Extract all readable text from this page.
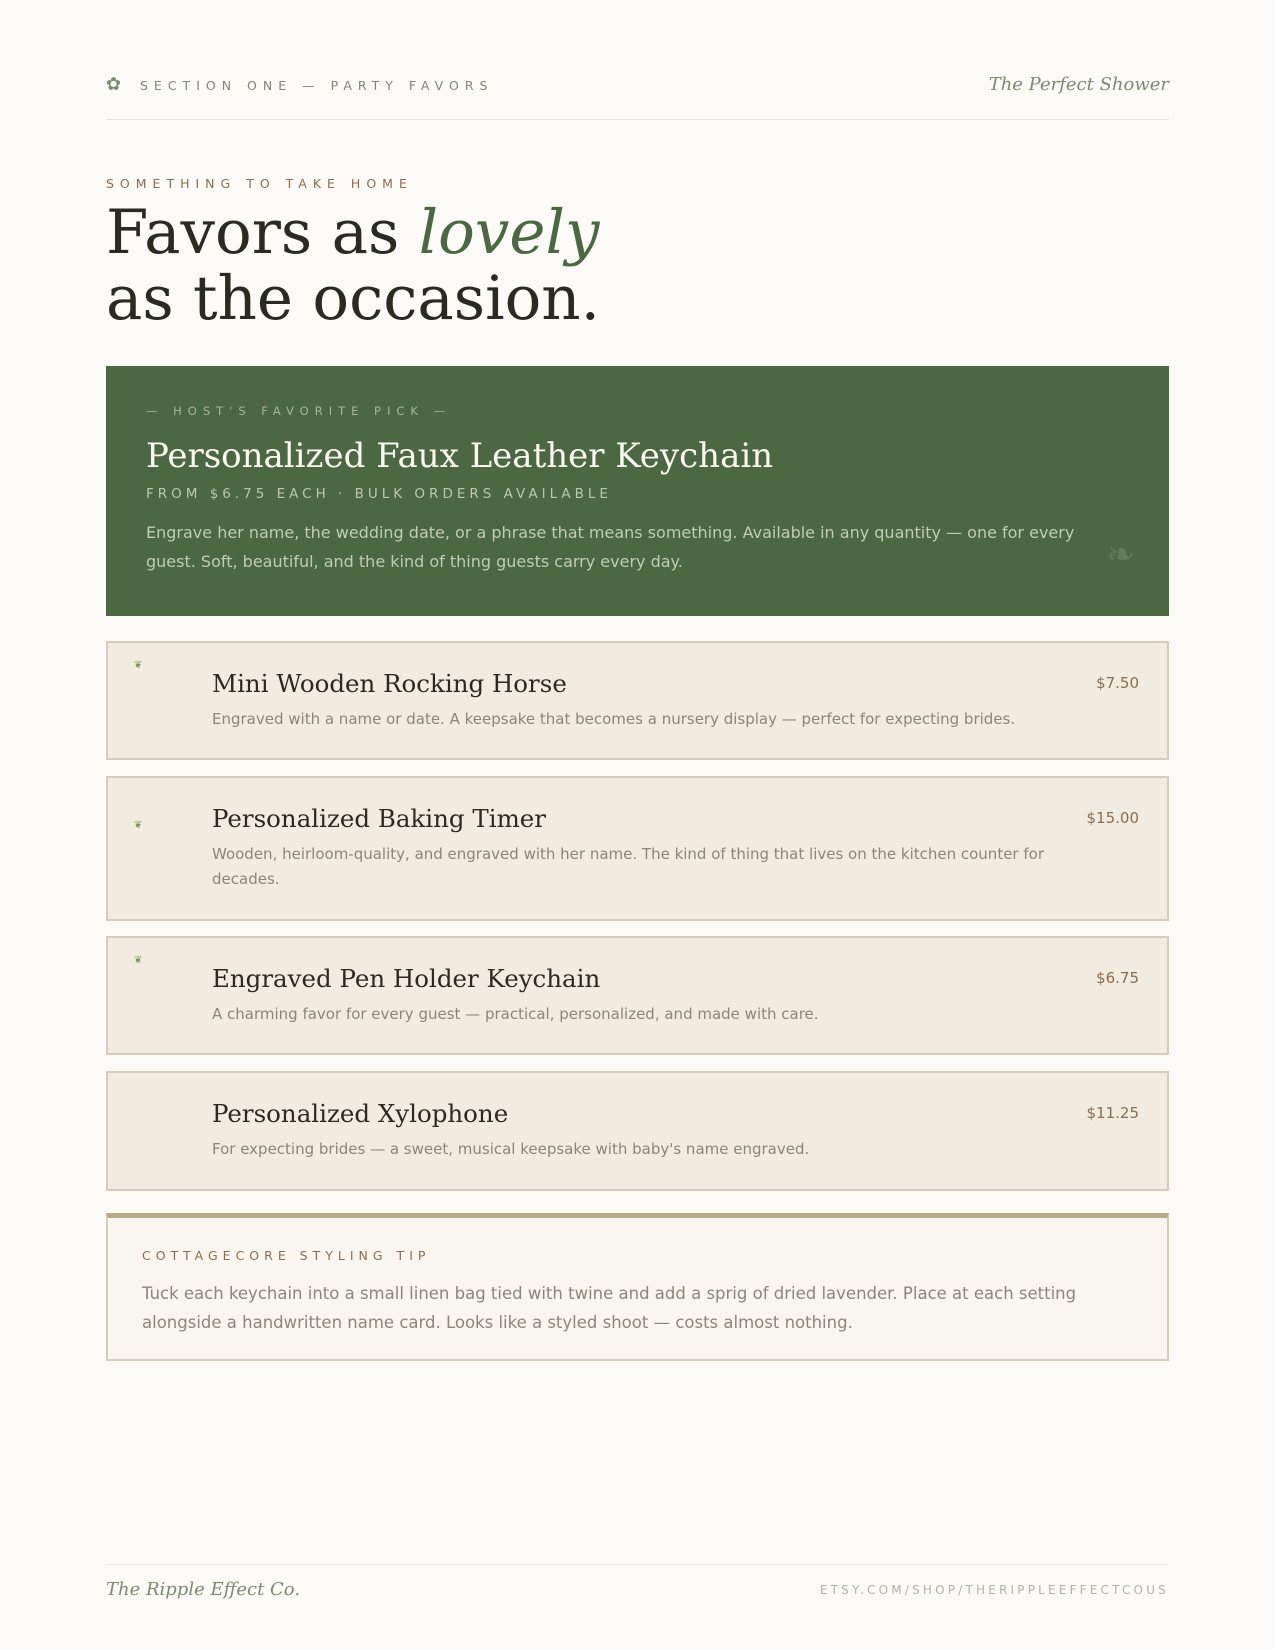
✿ SECTION ONE — PARTY FAVORS	The Perfect Shower
SOMETHING TO TAKE HOME
Favors as lovely
as the occasion.
— HOST'S FAVORITE PICK —
Personalized Faux Leather Keychain
FROM $6.75 EACH · BULK ORDERS AVAILABLE

Engrave her name, the wedding date, or a phrase that means something. Available in any quantity — one for every guest. Soft, beautiful, and the kind of thing guests carry every day.	❧
❦
Mini Wooden Rocking Horse

Engraved with a name or date. A keepsake that becomes a nursery display — perfect for expecting brides.

$7.50
❦	Personalized Baking Timer

Wooden, heirloom-quality, and engraved with her name. The kind of thing that lives on the kitchen counter for decades.

$15.00
❦
Engraved Pen Holder Keychain

A charming favor for every guest — practical, personalized, and made with care.

$6.75
Personalized Xylophone

For expecting brides — a sweet, musical keepsake with baby's name engraved.

$11.25
COTTAGECORE STYLING TIP

Tuck each keychain into a small linen bag tied with twine and add a sprig of dried lavender. Place at each setting alongside a handwritten name card. Looks like a styled shoot — costs almost nothing.

The Ripple Effect Co.	ETSY.COM/SHOP/THERIPPLEEFFECTCOUS
